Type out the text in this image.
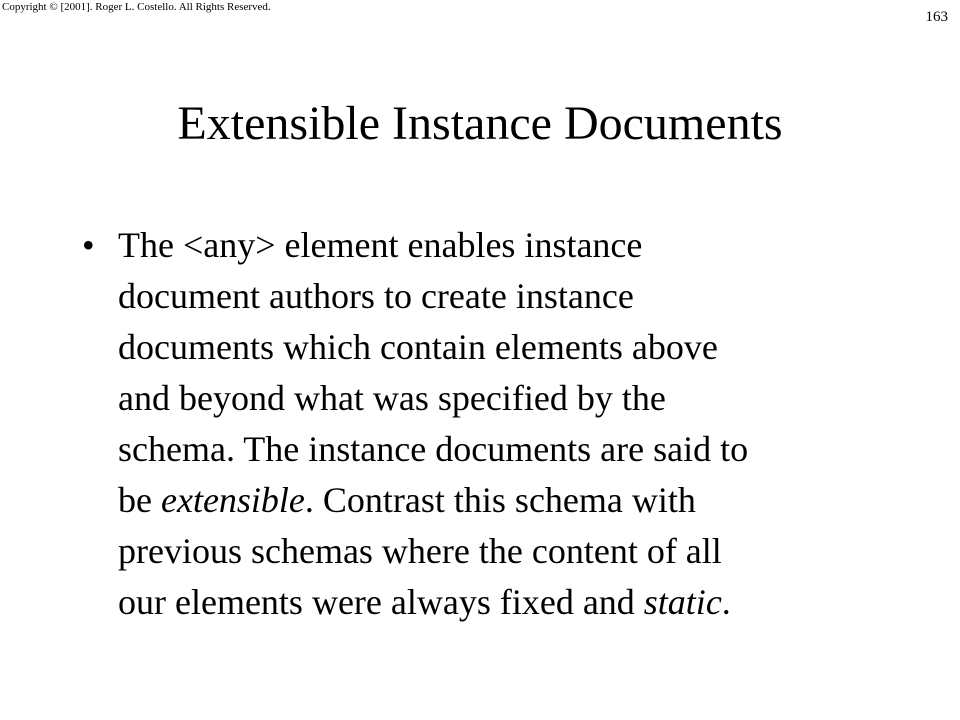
Copyright © [2001]. Roger L. Costello. All Rights Reserved.
163
Extensible Instance Documents
• The <any> element enables instance
document authors to create instance
documents which contain elements above
and beyond what was specified by the
schema. The instance documents are said to
be extensible. Contrast this schema with
previous schemas where the content of all
our elements were always fixed and static.
